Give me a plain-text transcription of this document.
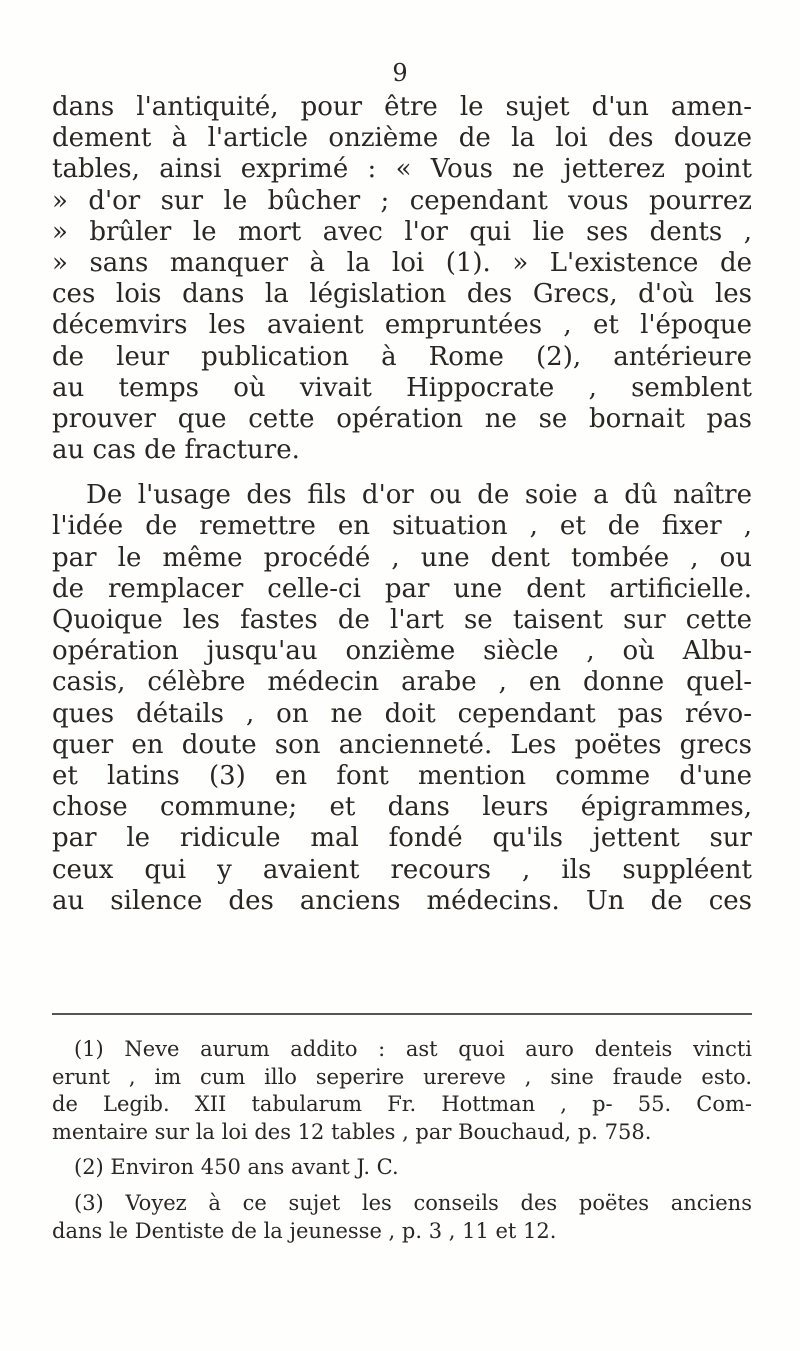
9
dans l'antiquité, pour être le sujet d'un amen-
dement à l'article onzième de la loi des douze
tables, ainsi exprimé : « Vous ne jetterez point
» d'or sur le bûcher ; cependant vous pourrez
» brûler le mort avec l'or qui lie ses dents ,
» sans manquer à la loi (1). » L'existence de
ces lois dans la législation des Grecs, d'où les
décemvirs les avaient empruntées , et l'époque
de leur publication à Rome (2), antérieure
au temps où vivait Hippocrate , semblent
prouver que cette opération ne se bornait pas
au cas de fracture.
De l'usage des fils d'or ou de soie a dû naître
l'idée de remettre en situation , et de fixer ,
par le même procédé , une dent tombée , ou
de remplacer celle-ci par une dent artificielle.
Quoique les fastes de l'art se taisent sur cette
opération jusqu'au onzième siècle , où Albu-
casis, célèbre médecin arabe , en donne quel-
ques détails , on ne doit cependant pas révo-
quer en doute son ancienneté. Les poëtes grecs
et latins (3) en font mention comme d'une
chose commune; et dans leurs épigrammes,
par le ridicule mal fondé qu'ils jettent sur
ceux qui y avaient recours , ils suppléent
au silence des anciens médecins. Un de ces
(1) Neve aurum addito : ast quoi auro denteis vincti
erunt , im cum illo seperire urereve , sine fraude esto.
de Legib. XII tabularum Fr. Hottman , p- 55. Com-
mentaire sur la loi des 12 tables , par Bouchaud, p. 758.
(2) Environ 450 ans avant J. C.
(3) Voyez à ce sujet les conseils des poëtes anciens
dans le Dentiste de la jeunesse , p. 3 , 11 et 12.
